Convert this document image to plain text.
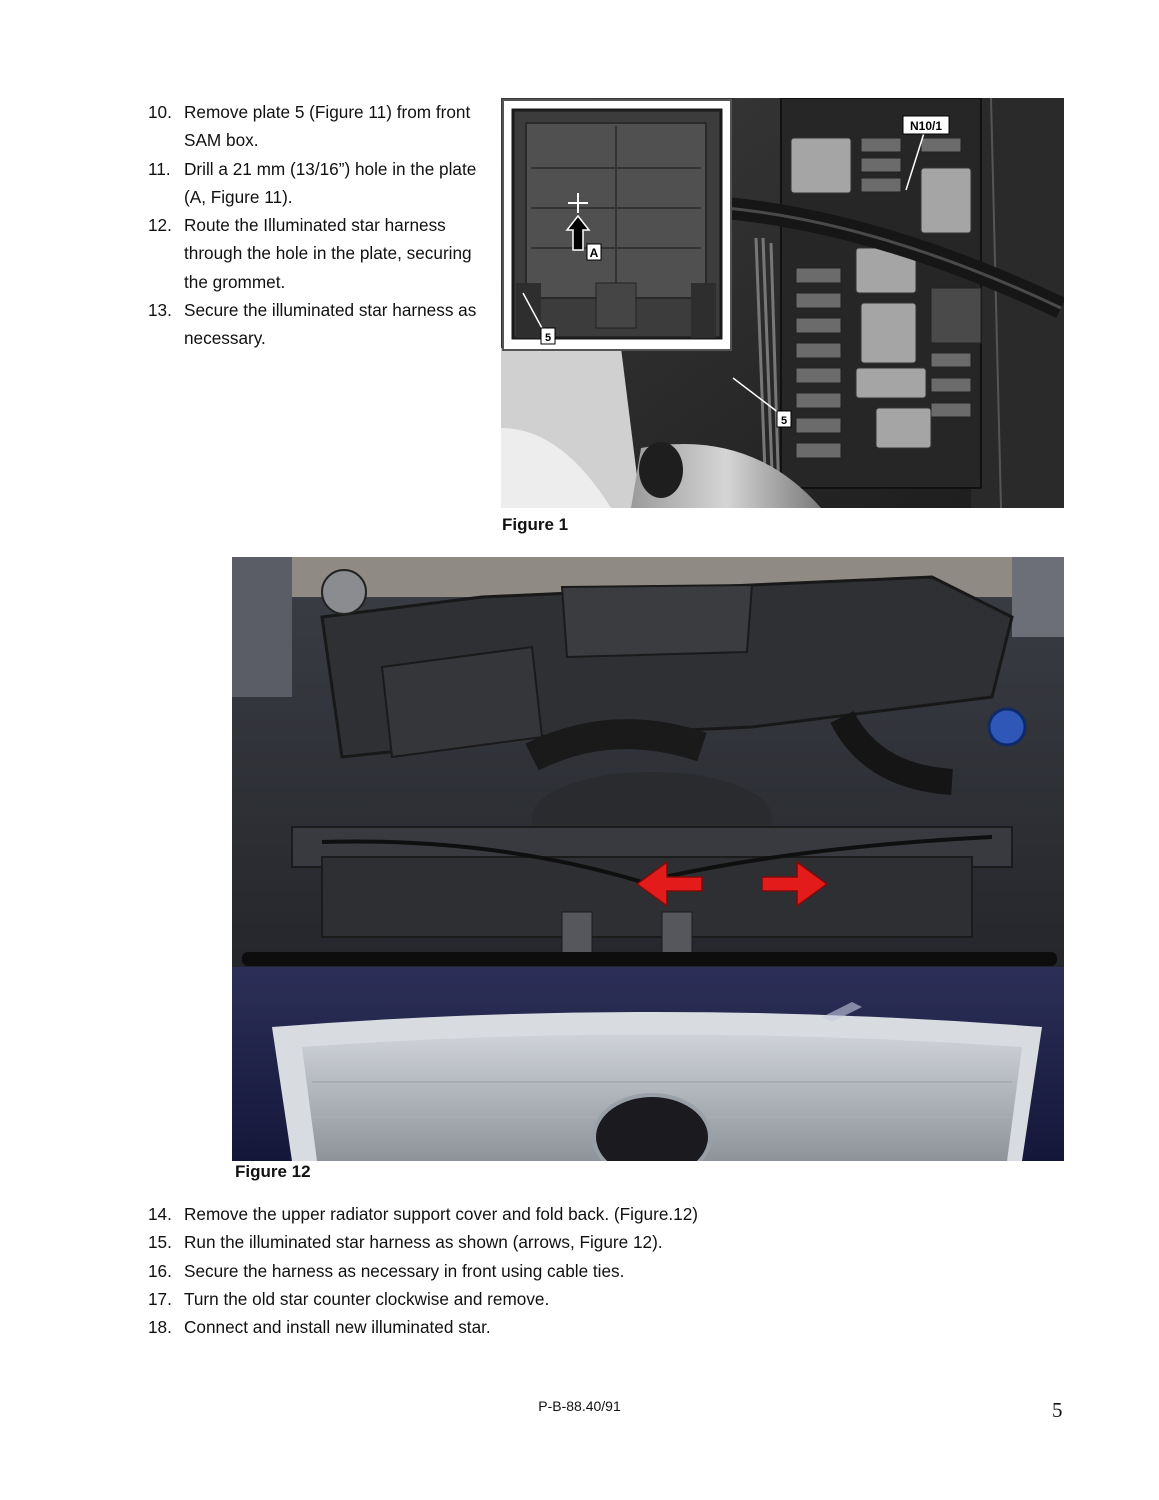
10. Remove plate 5 (Figure 11) from front SAM box.
11. Drill a 21 mm (13/16”) hole in the plate (A, Figure 11).
12. Route the Illuminated star harness through the hole in the plate, securing the grommet.
13. Secure the illuminated star harness as necessary.
A
5
5
N10/1
Figure 1
Figure 12
14. Remove the upper radiator support cover and fold back. (Figure.12)
15. Run the illuminated star harness as shown (arrows, Figure 12).
16. Secure the harness as necessary in front using cable ties.
17. Turn the old star counter clockwise and remove.
18. Connect and install new illuminated star.
P-B-88.40/91	5
